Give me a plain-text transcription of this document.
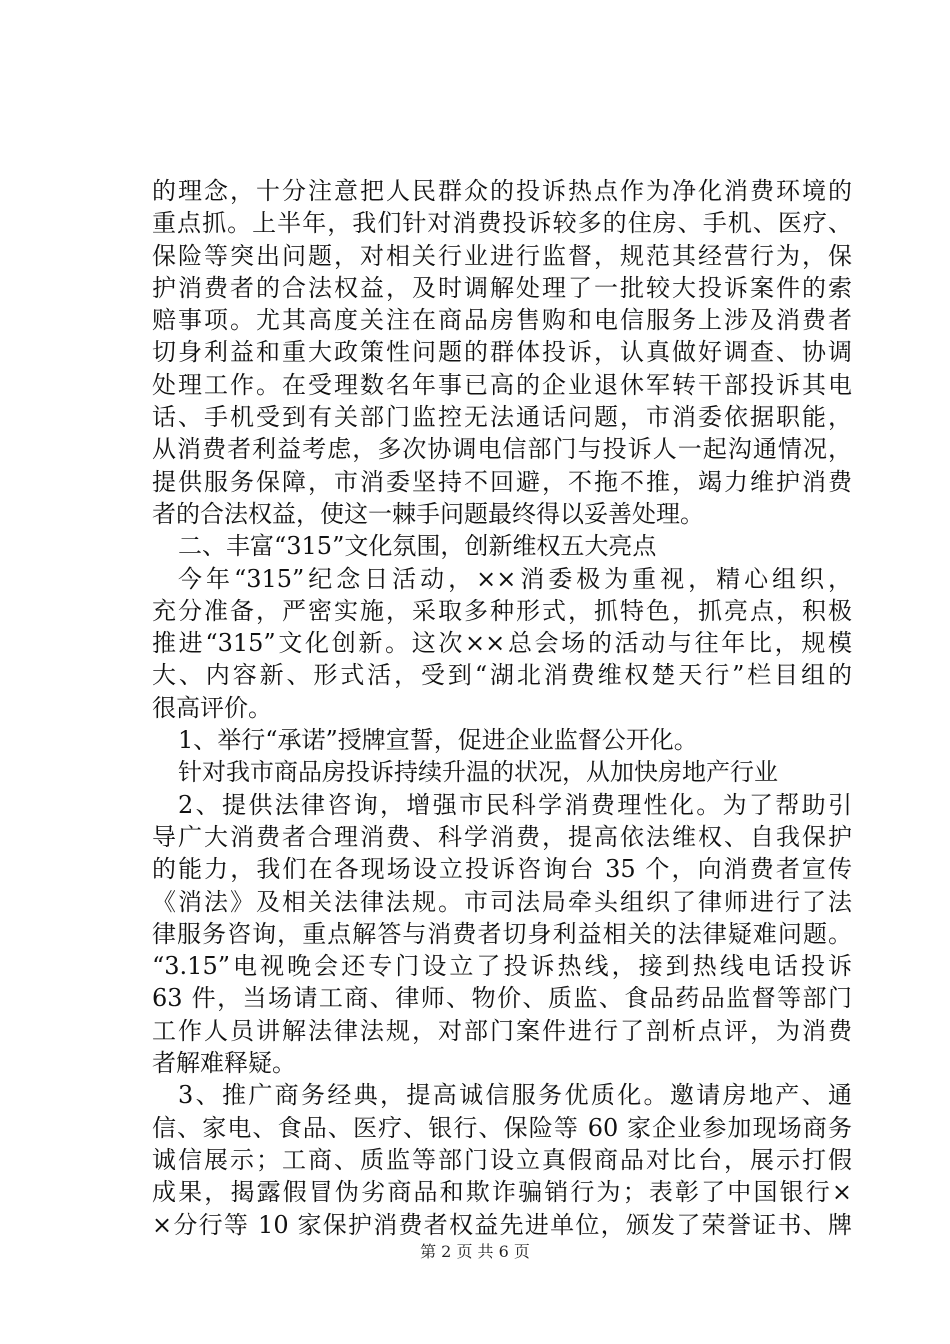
的理念，十分注意把人民群众的投诉热点作为净化消费环境的
重点抓。上半年，我们针对消费投诉较多的住房、手机、医疗、
保险等突出问题，对相关行业进行监督，规范其经营行为，保
护消费者的合法权益，及时调解处理了一批较大投诉案件的索
赔事项。尤其高度关注在商品房售购和电信服务上涉及消费者
切身利益和重大政策性问题的群体投诉，认真做好调查、协调
处理工作。在受理数名年事已高的企业退休军转干部投诉其电
话、手机受到有关部门监控无法通话问题，市消委依据职能，
从消费者利益考虑，多次协调电信部门与投诉人一起沟通情况，
提供服务保障，市消委坚持不回避，不拖不推，竭力维护消费
者的合法权益，使这一棘手问题最终得以妥善处理。
二、丰富“315”文化氛围，创新维权五大亮点
今年“315”纪念日活动，××消委极为重视，精心组织，
充分准备，严密实施，采取多种形式，抓特色，抓亮点，积极
推进“315”文化创新。这次××总会场的活动与往年比，规模
大、内容新、形式活，受到“湖北消费维权楚天行”栏目组的
很高评价。
1、举行“承诺”授牌宣誓，促进企业监督公开化。
针对我市商品房投诉持续升温的状况，从加快房地产行业
2、提供法律咨询，增强市民科学消费理性化。为了帮助引
导广大消费者合理消费、科学消费，提高依法维权、自我保护
的能力，我们在各现场设立投诉咨询台 35 个，向消费者宣传
《消法》及相关法律法规。市司法局牵头组织了律师进行了法
律服务咨询，重点解答与消费者切身利益相关的法律疑难问题。
“3.15”电视晚会还专门设立了投诉热线，接到热线电话投诉
63 件，当场请工商、律师、物价、质监、食品药品监督等部门
工作人员讲解法律法规，对部门案件进行了剖析点评，为消费
者解难释疑。
3、推广商务经典，提高诚信服务优质化。邀请房地产、通
信、家电、食品、医疗、银行、保险等 60 家企业参加现场商务
诚信展示；工商、质监等部门设立真假商品对比台，展示打假
成果，揭露假冒伪劣商品和欺诈骗销行为；表彰了中国银行×
×分行等 10 家保护消费者权益先进单位，颁发了荣誉证书、牌
第 2 页 共 6 页
